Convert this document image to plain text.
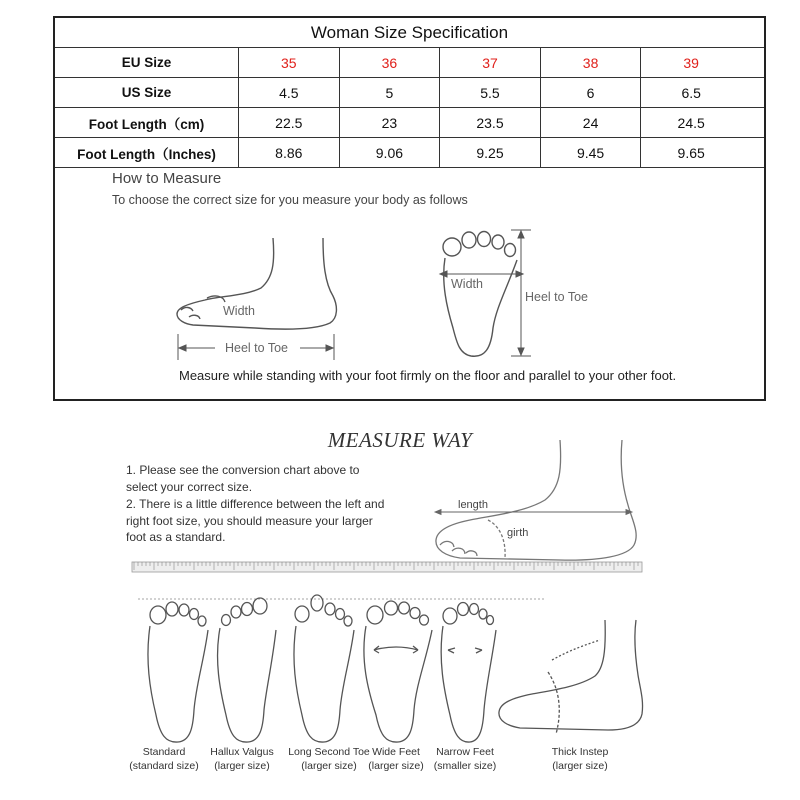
Woman Size Specification
EU Size	35	36	37	38	39
US Size	4.5	5	5.5	6	6.5
Foot Length（cm)	22.5	23	23.5	24	24.5
Foot Length（Inches)	8.86	9.06	9.25	9.45	9.65
Width
Heel to Toe
Width
Heel to Toe
How to Measure
To choose the correct size for you measure your body as follows
Measure while standing with your foot firmly on the floor and parallel to your other foot.
MEASURE WAY

1. Please see the conversion chart above to select your correct size.

2. There is a little difference between the left and right foot size, you should measure your larger foot as a standard.

length
girth
Standard
(standard size)
Hallux Valgus
(larger size)
Long Second Toe
(larger size)
Wide Feet
(larger size)
Narrow Feet
(smaller size)
Thick Instep
(larger size)
